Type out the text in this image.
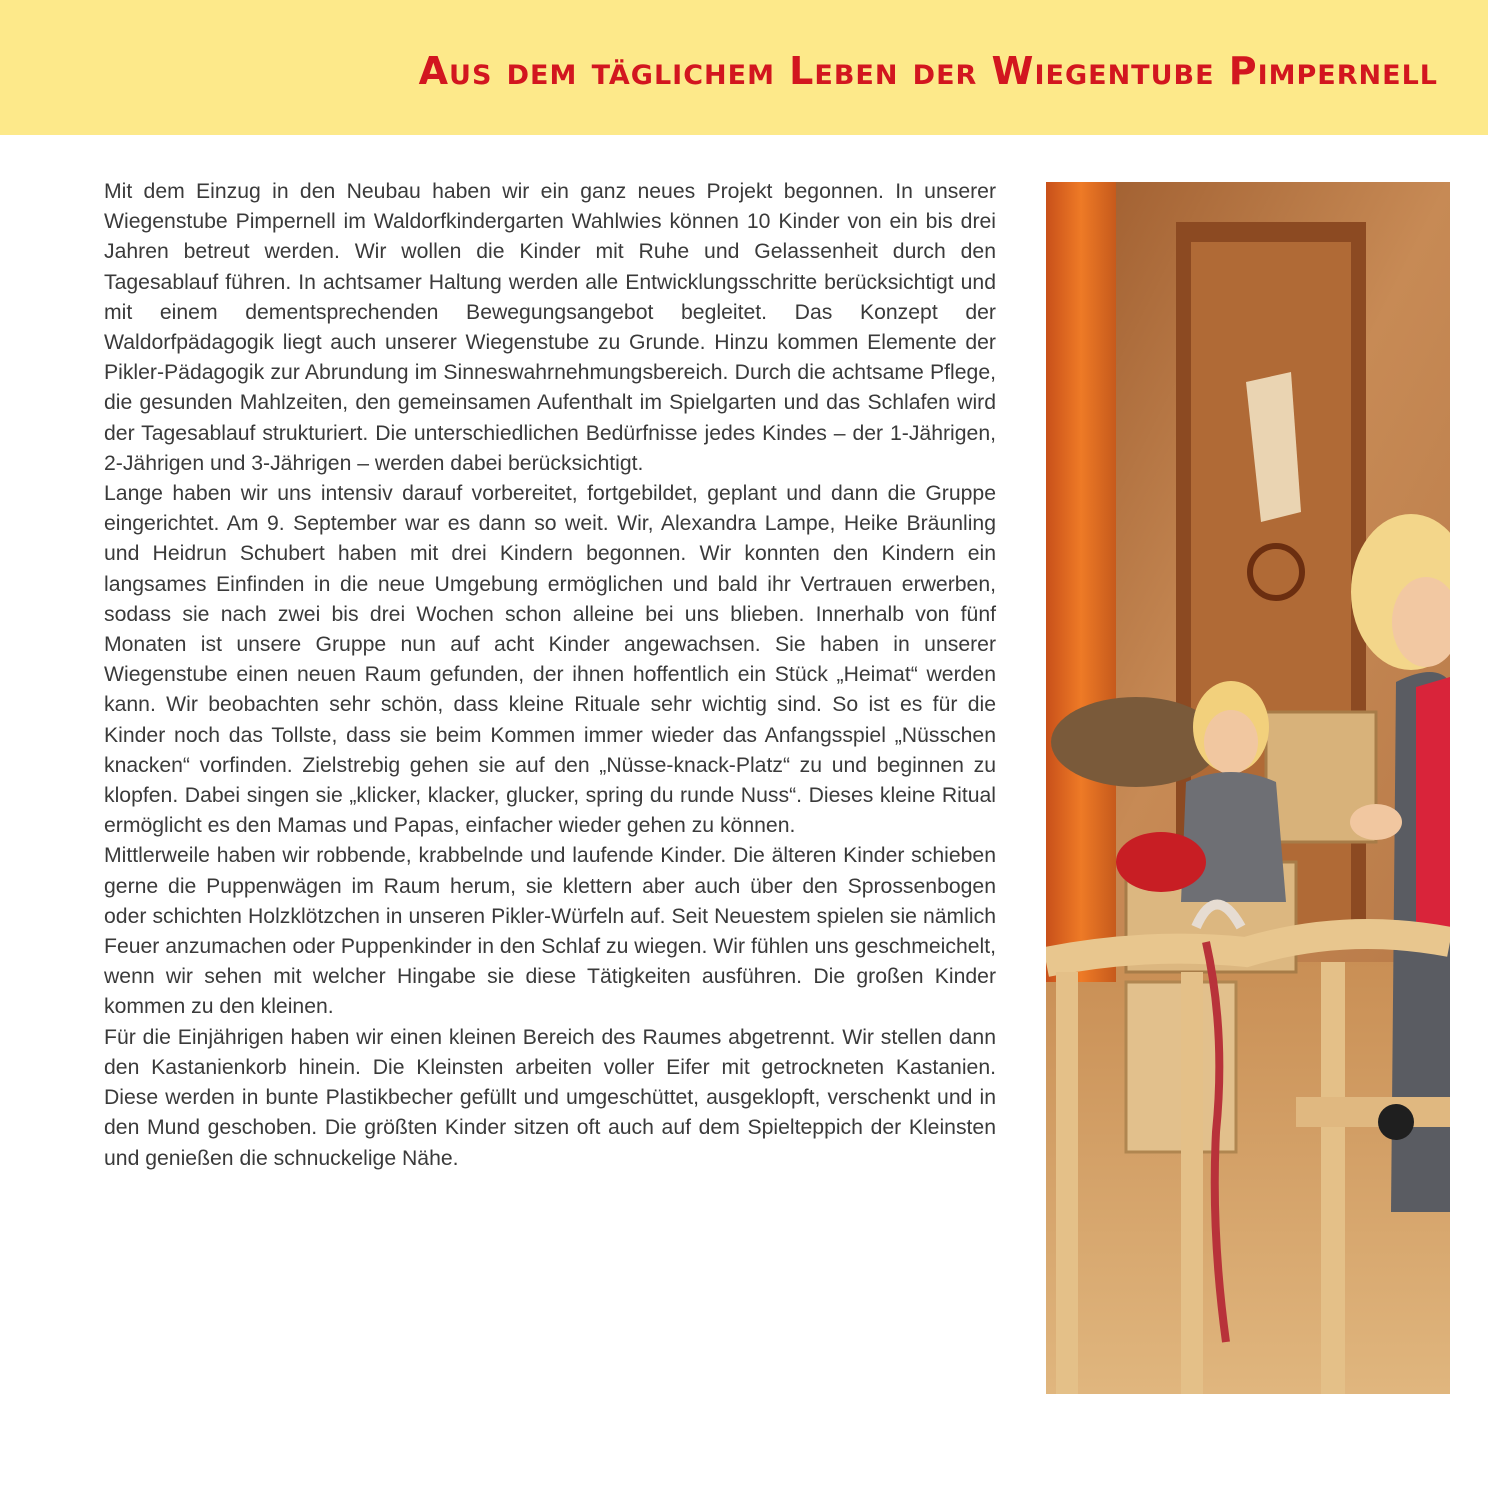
Aus dem täglichem Leben der Wiegentube Pimpernell

Mit dem Einzug in den Neubau haben wir ein ganz neues Projekt begonnen. In unserer Wiegenstube Pimpernell im Waldorfkindergarten Wahlwies können 10 Kinder von ein bis drei Jahren betreut werden. Wir wollen die Kinder mit Ruhe und Gelassenheit durch den Tagesablauf führen. In achtsamer Haltung werden alle Entwicklungsschritte berücksichtigt und mit einem dementsprechenden Bewegungsangebot begleitet. Das Konzept der Waldorfpädagogik liegt auch unserer Wiegenstube zu Grunde. Hinzu kommen Elemente der Pikler-Pädagogik zur Abrundung im Sinneswahrnehmungsbereich. Durch die achtsame Pflege, die gesunden Mahlzeiten, den gemeinsamen Aufenthalt im Spielgarten und das Schlafen wird der Tagesablauf strukturiert. Die unterschiedlichen Bedürfnisse jedes Kindes – der 1-Jährigen, 2-Jährigen und 3-Jährigen – werden dabei berücksichtigt.

Lange haben wir uns intensiv darauf vorbereitet, fortgebildet, geplant und dann die Gruppe eingerichtet. Am 9. September war es dann so weit. Wir, Alexandra Lampe, Heike Bräunling und Heidrun Schubert haben mit drei Kindern begonnen. Wir konnten den Kindern ein langsames Einfinden in die neue Umgebung ermöglichen und bald ihr Vertrauen erwerben, sodass sie nach zwei bis drei Wochen schon alleine bei uns blieben. Innerhalb von fünf Monaten ist unsere Gruppe nun auf acht Kinder angewachsen. Sie haben in unserer Wiegenstube einen neuen Raum gefunden, der ihnen hoffentlich ein Stück „Heimat“ werden kann. Wir beobachten sehr schön, dass kleine Rituale sehr wichtig sind. So ist es für die Kinder noch das Tollste, dass sie beim Kommen immer wieder das Anfangsspiel „Nüsschen knacken“ vorfinden. Zielstrebig gehen sie auf den „Nüsse-knack-Platz“ zu und beginnen zu klopfen. Dabei singen sie „klicker, klacker, glucker, spring du runde Nuss“. Dieses kleine Ritual ermöglicht es den Mamas und Papas, einfacher wieder gehen zu können.

Mittlerweile haben wir robbende, krabbelnde und laufende Kinder. Die älteren Kinder schieben gerne die Puppenwägen im Raum herum, sie klettern aber auch über den Sprossenbogen oder schichten Holzklötzchen in unseren Pikler-Würfeln auf. Seit Neuestem spielen sie nämlich Feuer anzumachen oder Puppenkinder in den Schlaf zu wiegen. Wir fühlen uns geschmeichelt, wenn wir sehen mit welcher Hingabe sie diese Tätigkeiten ausführen. Die großen Kinder kommen zu den kleinen.

Für die Einjährigen haben wir einen kleinen Bereich des Raumes abgetrennt. Wir stellen dann den Kastanienkorb hinein. Die Kleinsten arbeiten voller Eifer mit getrockneten Kastanien. Diese werden in bunte Plastikbecher gefüllt und umgeschüttet, ausgeklopft, verschenkt und in den Mund geschoben. Die größten Kinder sitzen oft auch auf dem Spielteppich der Kleinsten und genießen die schnuckelige Nähe.
